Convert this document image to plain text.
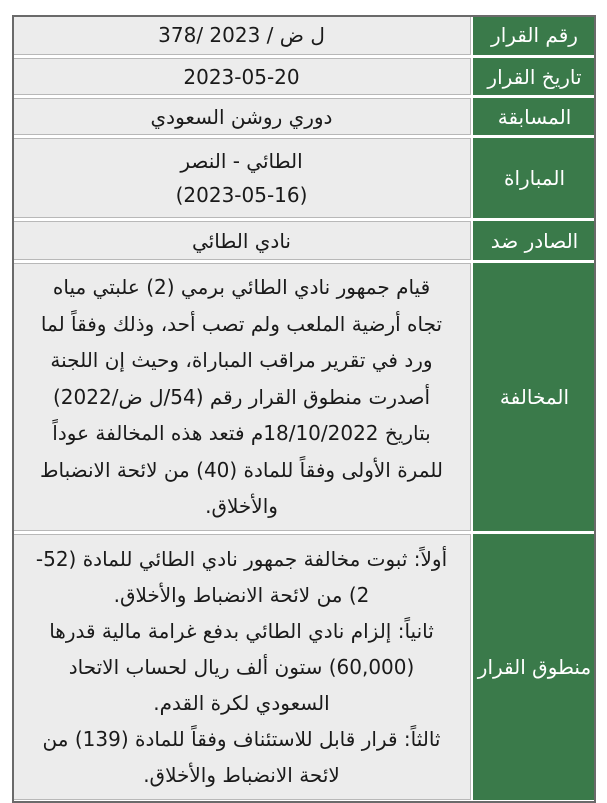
رقم القرار
378/ ل ض / 2023
تاريخ القرار
2023-05-20
المسابقة
دوري روشن السعودي
المباراة
الطائي - النصر
(2023-05-16)
الصادر ضد
نادي الطائي
المخالفة
قيام جمهور نادي الطائي برمي (2) علبتي مياه
تجاه أرضية الملعب ولم تصب أحد، وذلك وفقاً لما
ورد في تقرير مراقب المباراة، وحيث إن اللجنة
أصدرت منطوق القرار رقم (54/ل ض/2022)
بتاريخ 18/10/2022م فتعد هذه المخالفة عوداً
للمرة الأولى وفقاً للمادة (40) من لائحة الانضباط
والأخلاق.
منطوق القرار
أولاً: ثبوت مخالفة جمهور نادي الطائي للمادة (52-
2) من لائحة الانضباط والأخلاق.
ثانياً: إلزام نادي الطائي بدفع غرامة مالية قدرها
(60,000) ستون ألف ريال لحساب الاتحاد
السعودي لكرة القدم.
ثالثاً: قرار قابل للاستئناف وفقاً للمادة (139) من
لائحة الانضباط والأخلاق.
